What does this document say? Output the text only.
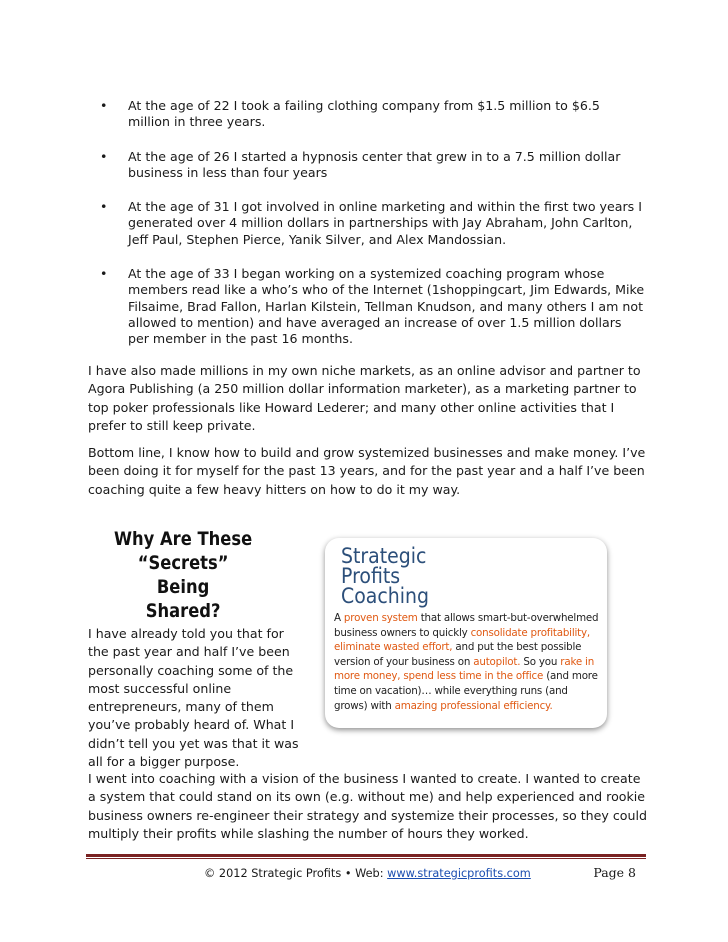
• At the age of 22 I took a failing clothing company from $1.5 million to $6.5 million in three years.
• At the age of 26 I started a hypnosis center that grew in to a 7.5 million dollar business in less than four years
• At the age of 31 I got involved in online marketing and within the first two years I generated over 4 million dollars in partnerships with Jay Abraham, John Carlton, Jeff Paul, Stephen Pierce, Yanik Silver, and Alex Mandossian.
• At the age of 33 I began working on a systemized coaching program whose members read like a who’s who of the Internet (1shoppingcart, Jim Edwards, Mike Filsaime, Brad Fallon, Harlan Kilstein, Tellman Knudson, and many others I am not allowed to mention) and have averaged an increase of over 1.5 million dollars per member in the past 16 months.

I have also made millions in my own niche markets, as an online advisor and partner to Agora Publishing (a 250 million dollar information marketer), as a marketing partner to top poker professionals like Howard Lederer; and many other online activities that I prefer to still keep private.

Bottom line, I know how to build and grow systemized businesses and make money. I’ve been doing it for myself for the past 13 years, and for the past year and a half I’ve been coaching quite a few heavy hitters on how to do it my way.

Why Are These
“Secrets” Being
Shared?

I have already told you that for the past year and half I’ve been personally coaching some of the most successful online entrepreneurs, many of them you’ve probably heard of. What I didn’t tell you yet was that it was all for a bigger purpose.

Strategic
Profits
Coaching
A proven system that allows smart-but-overwhelmed business owners to quickly consolidate profitability, eliminate wasted effort, and put the best possible version of your business on autopilot. So you rake in more money, spend less time in the office (and more time on vacation)… while everything runs (and grows) with amazing professional efficiency.

I went into coaching with a vision of the business I wanted to create. I wanted to create a system that could stand on its own (e.g. without me) and help experienced and rookie business owners re-engineer their strategy and systemize their processes, so they could multiply their profits while slashing the number of hours they worked.

© 2012 Strategic Profits • Web: www.strategicprofits.com	Page 8
